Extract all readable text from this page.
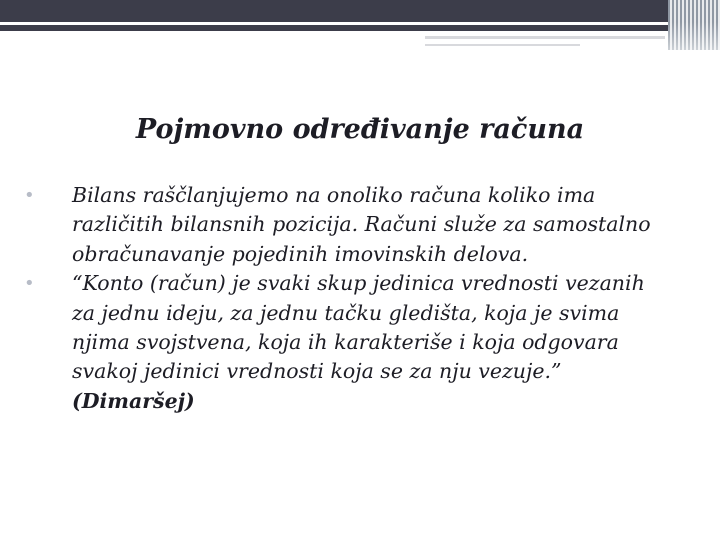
Pojmovno određivanje računa
• Bilans raščlanjujemo na onoliko računa koliko ima različitih bilansnih pozicija. Računi služe za samostalno obračunavanje pojedinih imovinskih delova.
• “Konto (račun) je svaki skup jedinica vrednosti vezanih za jednu ideju, za jednu tačku gledišta, koja je svima njima svojstvena, koja ih karakteriše i koja odgovara svakoj jedinici vrednosti koja se za nju vezuje.” (Dimaršej)
